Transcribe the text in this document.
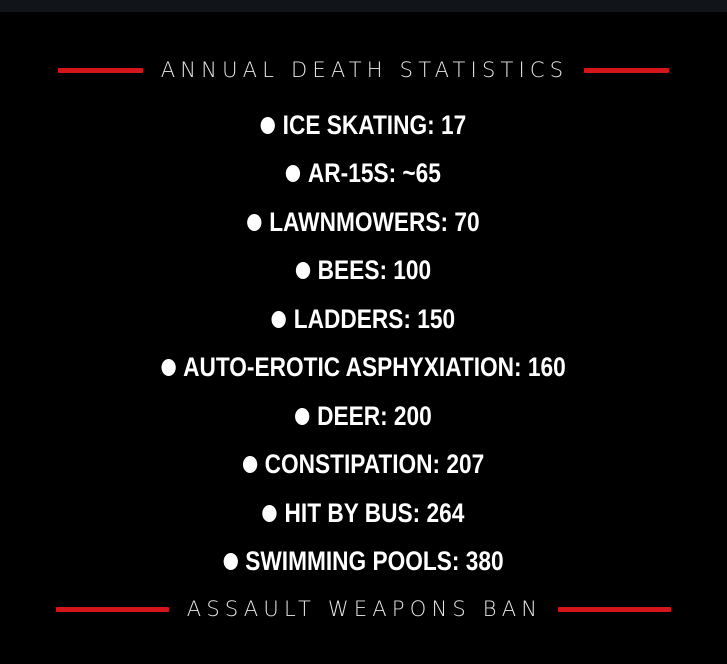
ANNUAL DEATH STATISTICS
ICE SKATING: 17
AR-15S: ~65
LAWNMOWERS: 70
BEES: 100
LADDERS: 150
AUTO-EROTIC ASPHYXIATION: 160
DEER: 200
CONSTIPATION: 207
HIT BY BUS: 264
SWIMMING POOLS: 380
ASSAULT WEAPONS BAN
